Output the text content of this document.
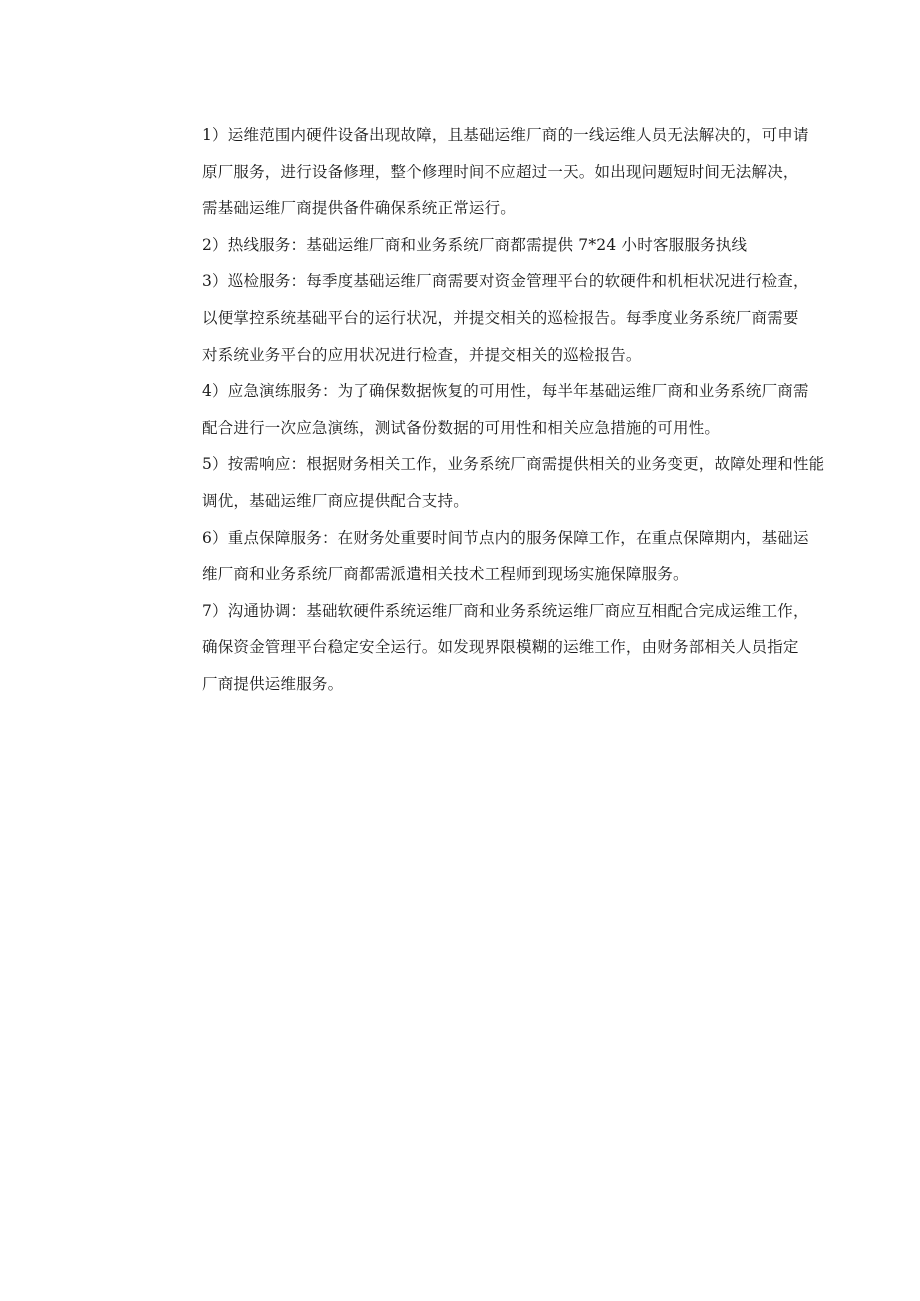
1）运维范围内硬件设备出现故障，且基础运维厂商的一线运维人员无法解决的，可申请
原厂服务，进行设备修理，整个修理时间不应超过一天。如出现问题短时间无法解决，
需基础运维厂商提供备件确保系统正常运行。

2）热线服务：基础运维厂商和业务系统厂商都需提供 7*24 小时客服服务执线

3）巡检服务：每季度基础运维厂商需要对资金管理平台的软硬件和机柜状况进行检查，
以便掌控系统基础平台的运行状况，并提交相关的巡检报告。每季度业务系统厂商需要
对系统业务平台的应用状况进行检查，并提交相关的巡检报告。

4）应急演练服务：为了确保数据恢复的可用性，每半年基础运维厂商和业务系统厂商需
配合进行一次应急演练，测试备份数据的可用性和相关应急措施的可用性。

5）按需响应：根据财务相关工作，业务系统厂商需提供相关的业务变更，故障处理和性能
调优，基础运维厂商应提供配合支持。

6）重点保障服务：在财务处重要时间节点内的服务保障工作，在重点保障期内，基础运
维厂商和业务系统厂商都需派遣相关技术工程师到现场实施保障服务。

7）沟通协调：基础软硬件系统运维厂商和业务系统运维厂商应互相配合完成运维工作，
确保资金管理平台稳定安全运行。如发现界限模糊的运维工作，由财务部相关人员指定
厂商提供运维服务。
